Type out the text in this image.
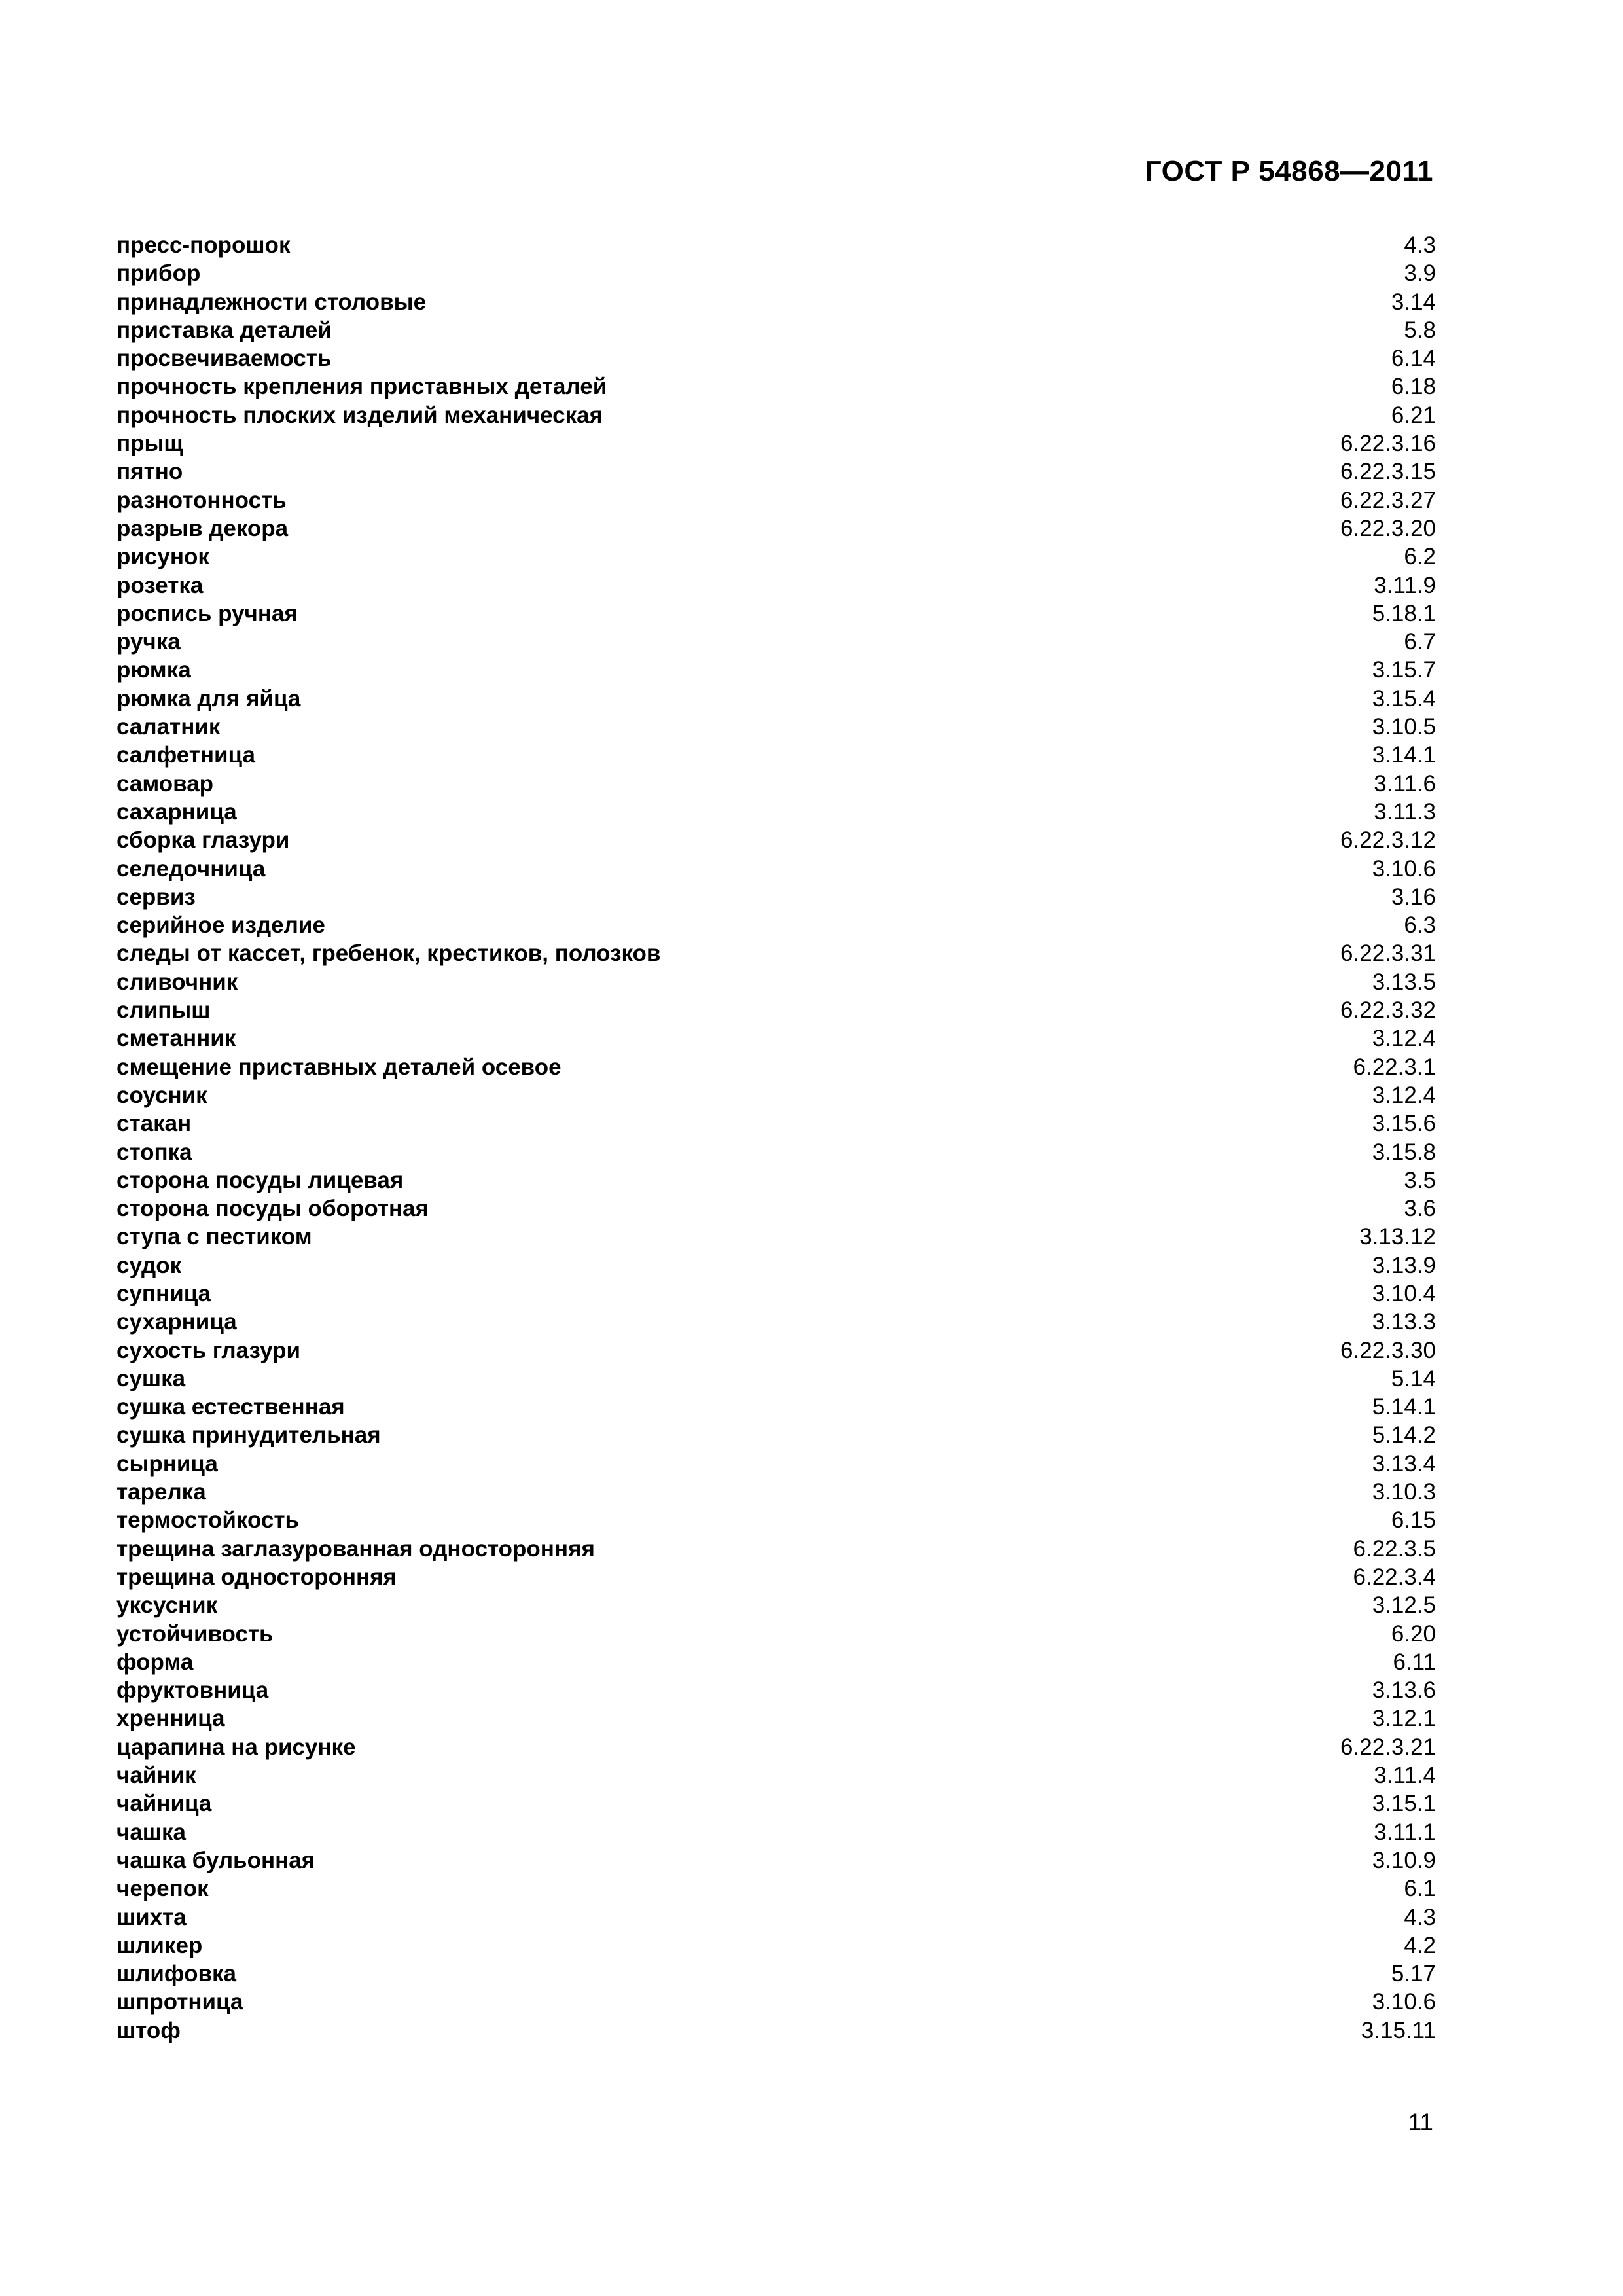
ГОСТ Р 54868—2011
пресс-порошок	4.3
прибор	3.9
принадлежности столовые	3.14
приставка деталей	5.8
просвечиваемость	6.14
прочность крепления приставных деталей	6.18
прочность плоских изделий механическая	6.21
прыщ	6.22.3.16
пятно	6.22.3.15
разнотонность	6.22.3.27
разрыв декора	6.22.3.20
рисунок	6.2
розетка	3.11.9
роспись ручная	5.18.1
ручка	6.7
рюмка	3.15.7
рюмка для яйца	3.15.4
салатник	3.10.5
салфетница	3.14.1
самовар	3.11.6
сахарница	3.11.3
сборка глазури	6.22.3.12
селедочница	3.10.6
сервиз	3.16
серийное изделие	6.3
следы от кассет, гребенок, крестиков, полозков	6.22.3.31
сливочник	3.13.5
слипыш	6.22.3.32
сметанник	3.12.4
смещение приставных деталей осевое	6.22.3.1
соусник	3.12.4
стакан	3.15.6
стопка	3.15.8
сторона посуды лицевая	3.5
сторона посуды оборотная	3.6
ступа с пестиком	3.13.12
судок	3.13.9
супница	3.10.4
сухарница	3.13.3
сухость глазури	6.22.3.30
сушка	5.14
сушка естественная	5.14.1
сушка принудительная	5.14.2
сырница	3.13.4
тарелка	3.10.3
термостойкость	6.15
трещина заглазурованная односторонняя	6.22.3.5
трещина односторонняя	6.22.3.4
уксусник	3.12.5
устойчивость	6.20
форма	6.11
фруктовница	3.13.6
хренница	3.12.1
царапина на рисунке	6.22.3.21
чайник	3.11.4
чайница	3.15.1
чашка	3.11.1
чашка бульонная	3.10.9
черепок	6.1
шихта	4.3
шликер	4.2
шлифовка	5.17
шпротница	3.10.6
штоф	3.15.11
11
